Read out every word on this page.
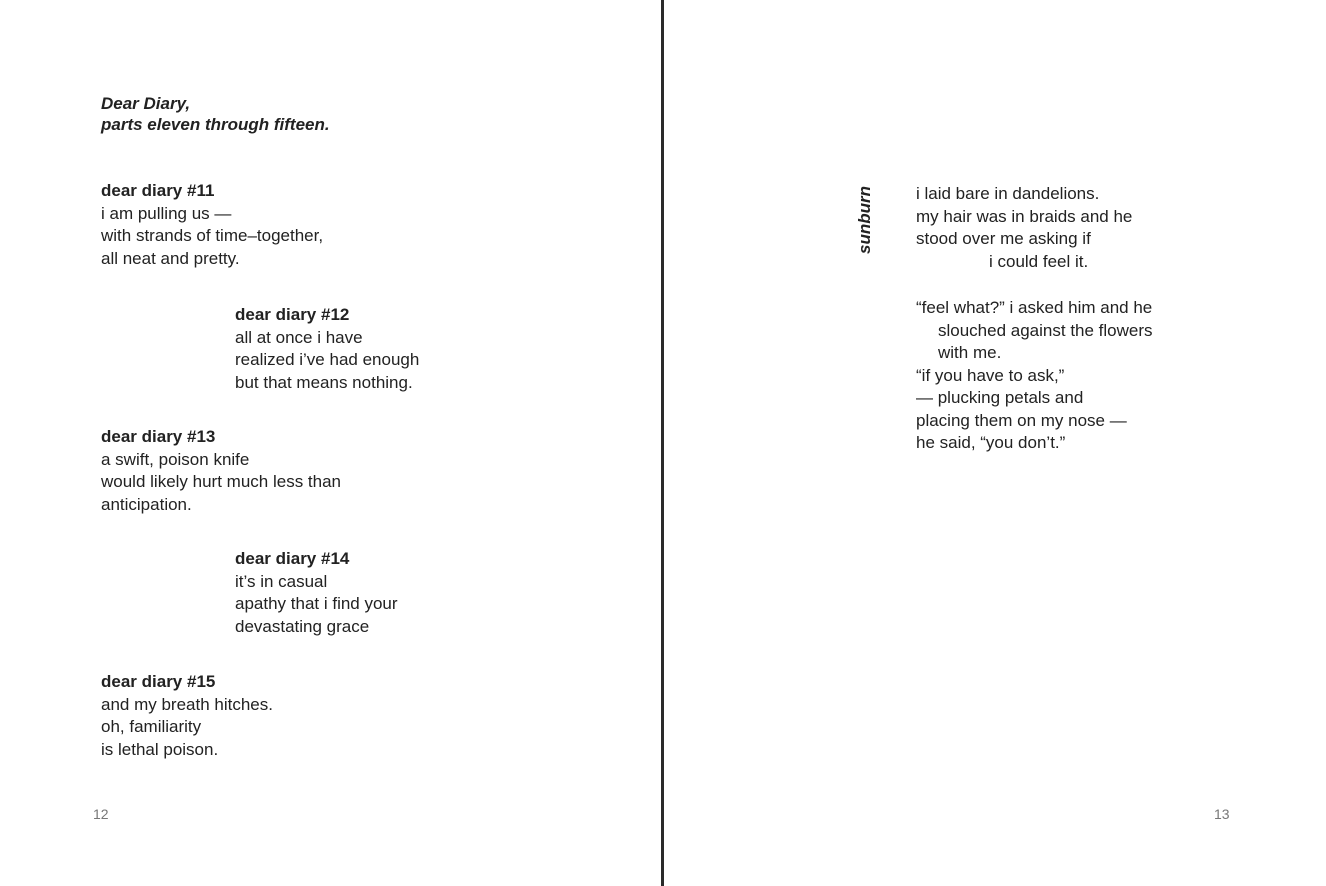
Dear Diary,
parts eleven through fifteen.
dear diary #11
i am pulling us —
with strands of time–together,
all neat and pretty.
dear diary #12
all at once i have
realized i’ve had enough
but that means nothing.
dear diary #13
a swift, poison knife
would likely hurt much less than
anticipation.
dear diary #14
it’s in casual
apathy that i find your
devastating grace
dear diary #15
and my breath hitches.
oh, familiarity
is lethal poison.
12
sunburn i laid bare in dandelions.
my hair was in braids and he
stood over me asking if
i could feel it.
“feel what?” i asked him and he
slouched against the flowers
with me.
“if you have to ask,”
— plucking petals and
placing them on my nose —
he said, “you don’t.”
13
